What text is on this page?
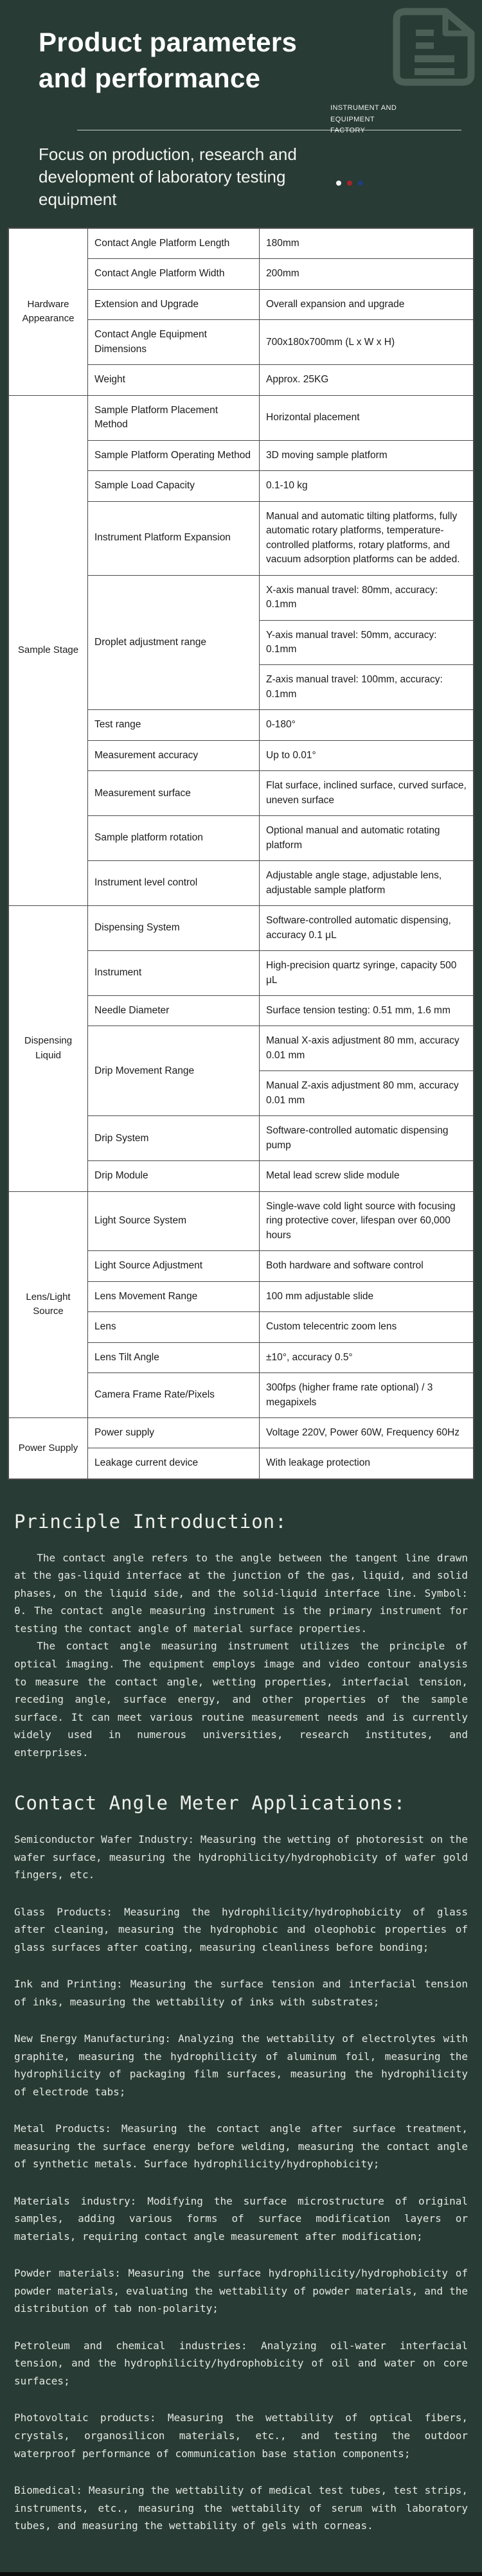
Product parameters
and performance
INSTRUMENT AND
EQUIPMENT
FACTORY
Focus on production, research and development of laboratory testing equipment
Hardware Appearance	Contact Angle Platform Length	180mm
	Contact Angle Platform Width	200mm
	Extension and Upgrade	Overall expansion and upgrade
	Contact Angle Equipment Dimensions	700x180x700mm (L x W x H)
	Weight	Approx. 25KG
Sample Stage	Sample Platform Placement Method	Horizontal placement
	Sample Platform Operating Method	3D moving sample platform
	Sample Load Capacity	0.1-10 kg
	Instrument Platform Expansion	Manual and automatic tilting platforms, fully automatic rotary platforms, temperature-controlled platforms, rotary platforms, and vacuum adsorption platforms can be added.
	Droplet adjustment range	X-axis manual travel: 80mm, accuracy: 0.1mm
		Y-axis manual travel: 50mm, accuracy: 0.1mm
		Z-axis manual travel: 100mm, accuracy: 0.1mm
	Test range	0-180°
	Measurement accuracy	Up to 0.01°
	Measurement surface	Flat surface, inclined surface, curved surface, uneven surface
	Sample platform rotation	Optional manual and automatic rotating platform
	Instrument level control	Adjustable angle stage, adjustable lens, adjustable sample platform
Dispensing Liquid	Dispensing System	Software-controlled automatic dispensing, accuracy 0.1 μL
	Instrument	High-precision quartz syringe, capacity 500 μL
	Needle Diameter	Surface tension testing: 0.51 mm, 1.6 mm
	Drip Movement Range	Manual X-axis adjustment 80 mm, accuracy 0.01 mm
		Manual Z-axis adjustment 80 mm, accuracy 0.01 mm
	Drip System	Software-controlled automatic dispensing pump
	Drip Module	Metal lead screw slide module
Lens/Light Source	Light Source System	Single-wave cold light source with focusing ring protective cover, lifespan over 60,000 hours
	Light Source Adjustment	Both hardware and software control
	Lens Movement Range	100 mm adjustable slide
	Lens	Custom telecentric zoom lens
	Lens Tilt Angle	±10°, accuracy 0.5°
	Camera Frame Rate/Pixels	300fps (higher frame rate optional) / 3 megapixels
Power Supply	Power supply	Voltage 220V, Power 60W, Frequency 60Hz
	Leakage current device	With leakage protection
Principle Introduction:

The contact angle refers to the angle between the tangent line drawn at the gas-liquid interface at the junction of the gas, liquid, and solid phases, on the liquid side, and the solid-liquid interface line. Symbol: θ. The contact angle measuring instrument is the primary instrument for testing the contact angle of material surface properties.

The contact angle measuring instrument utilizes the principle of optical imaging. The equipment employs image and video contour analysis to measure the contact angle, wetting properties, interfacial tension, receding angle, surface energy, and other properties of the sample surface. It can meet various routine measurement needs and is currently widely used in numerous universities, research institutes, and enterprises.

Contact Angle Meter Applications:

Semiconductor Wafer Industry: Measuring the wetting of photoresist on the wafer surface, measuring the hydrophilicity/hydrophobicity of wafer gold fingers, etc.

Glass Products: Measuring the hydrophilicity/hydrophobicity of glass after cleaning, measuring the hydrophobic and oleophobic properties of glass surfaces after coating, measuring cleanliness before bonding;

Ink and Printing: Measuring the surface tension and interfacial tension of inks, measuring the wettability of inks with substrates;

New Energy Manufacturing: Analyzing the wettability of electrolytes with graphite, measuring the hydrophilicity of aluminum foil, measuring the hydrophilicity of packaging film surfaces, measuring the hydrophilicity of electrode tabs;

Metal Products: Measuring the contact angle after surface treatment, measuring the surface energy before welding, measuring the contact angle of synthetic metals. Surface hydrophilicity/hydrophobicity;

Materials industry: Modifying the surface microstructure of original samples, adding various forms of surface modification layers or materials, requiring contact angle measurement after modification;

Powder materials: Measuring the surface hydrophilicity/hydrophobicity of powder materials, evaluating the wettability of powder materials, and the distribution of tab non-polarity;

Petroleum and chemical industries: Analyzing oil-water interfacial tension, and the hydrophilicity/hydrophobicity of oil and water on core surfaces;

Photovoltaic products: Measuring the wettability of optical fibers, crystals, organosilicon materials, etc., and testing the outdoor waterproof performance of communication base station components;

Biomedical: Measuring the wettability of medical test tubes, test strips, instruments, etc., measuring the wettability of serum with laboratory tubes, and measuring the wettability of gels with corneas.
